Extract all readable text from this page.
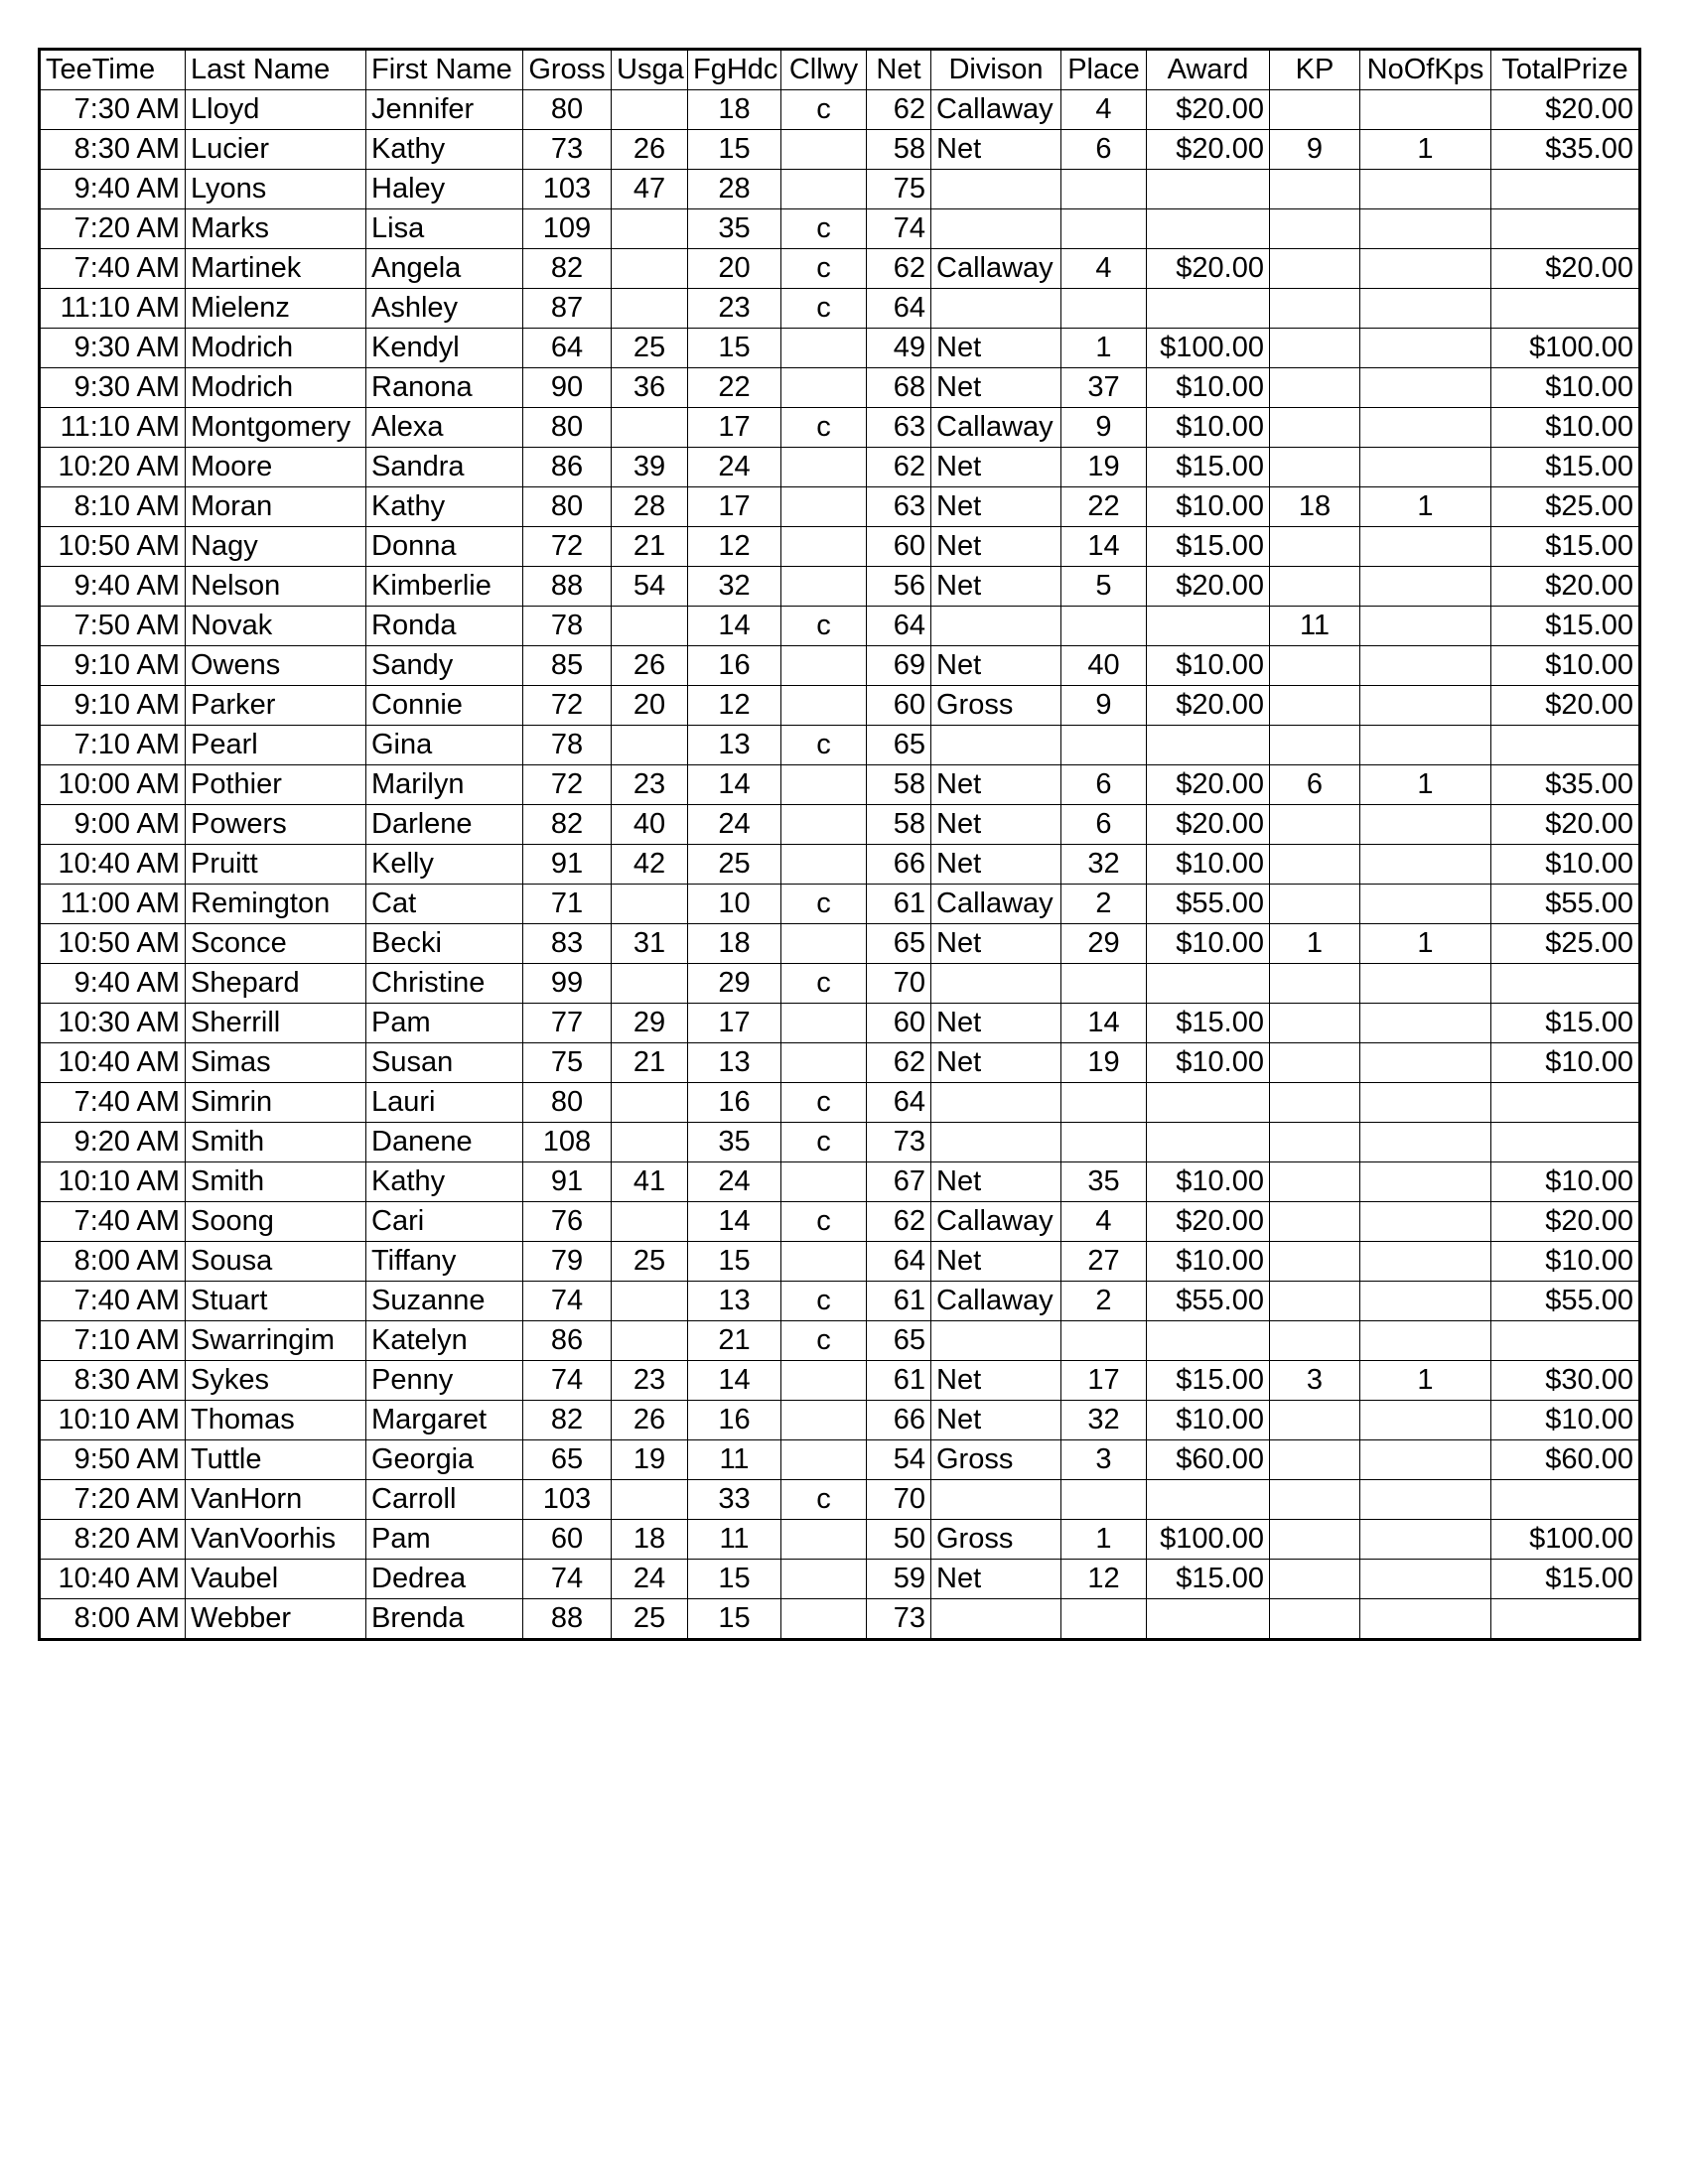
TeeTime	Last Name	First Name	Gross	Usga	FgHdc	Cllwy	Net	Divison	Place	Award	KP	NoOfKps	TotalPrize
7:30 AM	Lloyd	Jennifer	80		18	c	62	Callaway	4	$20.00			$20.00
8:30 AM	Lucier	Kathy	73	26	15		58	Net	6	$20.00	9	1	$35.00
9:40 AM	Lyons	Haley	103	47	28		75						
7:20 AM	Marks	Lisa	109		35	c	74						
7:40 AM	Martinek	Angela	82		20	c	62	Callaway	4	$20.00			$20.00
11:10 AM	Mielenz	Ashley	87		23	c	64						
9:30 AM	Modrich	Kendyl	64	25	15		49	Net	1	$100.00			$100.00
9:30 AM	Modrich	Ranona	90	36	22		68	Net	37	$10.00			$10.00
11:10 AM	Montgomery	Alexa	80		17	c	63	Callaway	9	$10.00			$10.00
10:20 AM	Moore	Sandra	86	39	24		62	Net	19	$15.00			$15.00
8:10 AM	Moran	Kathy	80	28	17		63	Net	22	$10.00	18	1	$25.00
10:50 AM	Nagy	Donna	72	21	12		60	Net	14	$15.00			$15.00
9:40 AM	Nelson	Kimberlie	88	54	32		56	Net	5	$20.00			$20.00
7:50 AM	Novak	Ronda	78		14	c	64				11		$15.00
9:10 AM	Owens	Sandy	85	26	16		69	Net	40	$10.00			$10.00
9:10 AM	Parker	Connie	72	20	12		60	Gross	9	$20.00			$20.00
7:10 AM	Pearl	Gina	78		13	c	65						
10:00 AM	Pothier	Marilyn	72	23	14		58	Net	6	$20.00	6	1	$35.00
9:00 AM	Powers	Darlene	82	40	24		58	Net	6	$20.00			$20.00
10:40 AM	Pruitt	Kelly	91	42	25		66	Net	32	$10.00			$10.00
11:00 AM	Remington	Cat	71		10	c	61	Callaway	2	$55.00			$55.00
10:50 AM	Sconce	Becki	83	31	18		65	Net	29	$10.00	1	1	$25.00
9:40 AM	Shepard	Christine	99		29	c	70						
10:30 AM	Sherrill	Pam	77	29	17		60	Net	14	$15.00			$15.00
10:40 AM	Simas	Susan	75	21	13		62	Net	19	$10.00			$10.00
7:40 AM	Simrin	Lauri	80		16	c	64						
9:20 AM	Smith	Danene	108		35	c	73						
10:10 AM	Smith	Kathy	91	41	24		67	Net	35	$10.00			$10.00
7:40 AM	Soong	Cari	76		14	c	62	Callaway	4	$20.00			$20.00
8:00 AM	Sousa	Tiffany	79	25	15		64	Net	27	$10.00			$10.00
7:40 AM	Stuart	Suzanne	74		13	c	61	Callaway	2	$55.00			$55.00
7:10 AM	Swarringim	Katelyn	86		21	c	65						
8:30 AM	Sykes	Penny	74	23	14		61	Net	17	$15.00	3	1	$30.00
10:10 AM	Thomas	Margaret	82	26	16		66	Net	32	$10.00			$10.00
9:50 AM	Tuttle	Georgia	65	19	11		54	Gross	3	$60.00			$60.00
7:20 AM	VanHorn	Carroll	103		33	c	70						
8:20 AM	VanVoorhis	Pam	60	18	11		50	Gross	1	$100.00			$100.00
10:40 AM	Vaubel	Dedrea	74	24	15		59	Net	12	$15.00			$15.00
8:00 AM	Webber	Brenda	88	25	15		73						
